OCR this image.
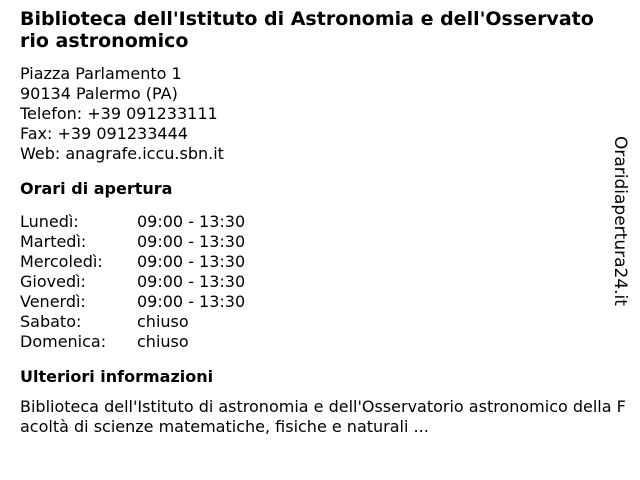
Biblioteca dell'Istituto di Astronomia e dell'Osservatorio astronomico
Piazza Parlamento 1
90134 Palermo (PA)
Telefon: +39 091233111
Fax: +39 091233444
Web: anagrafe.iccu.sbn.it
Orari di apertura
Lunedì:	09:00 - 13:30
Martedì:	09:00 - 13:30
Mercoledì:	09:00 - 13:30
Giovedì:	09:00 - 13:30
Venerdì:	09:00 - 13:30
Sabato:	chiuso
Domenica:	chiuso
Ulteriori informazioni
Biblioteca dell'Istituto di astronomia e dell'Osservatorio astronomico della Facoltà di scienze matematiche, fisiche e naturali ...
Oraridiapertura24.it
